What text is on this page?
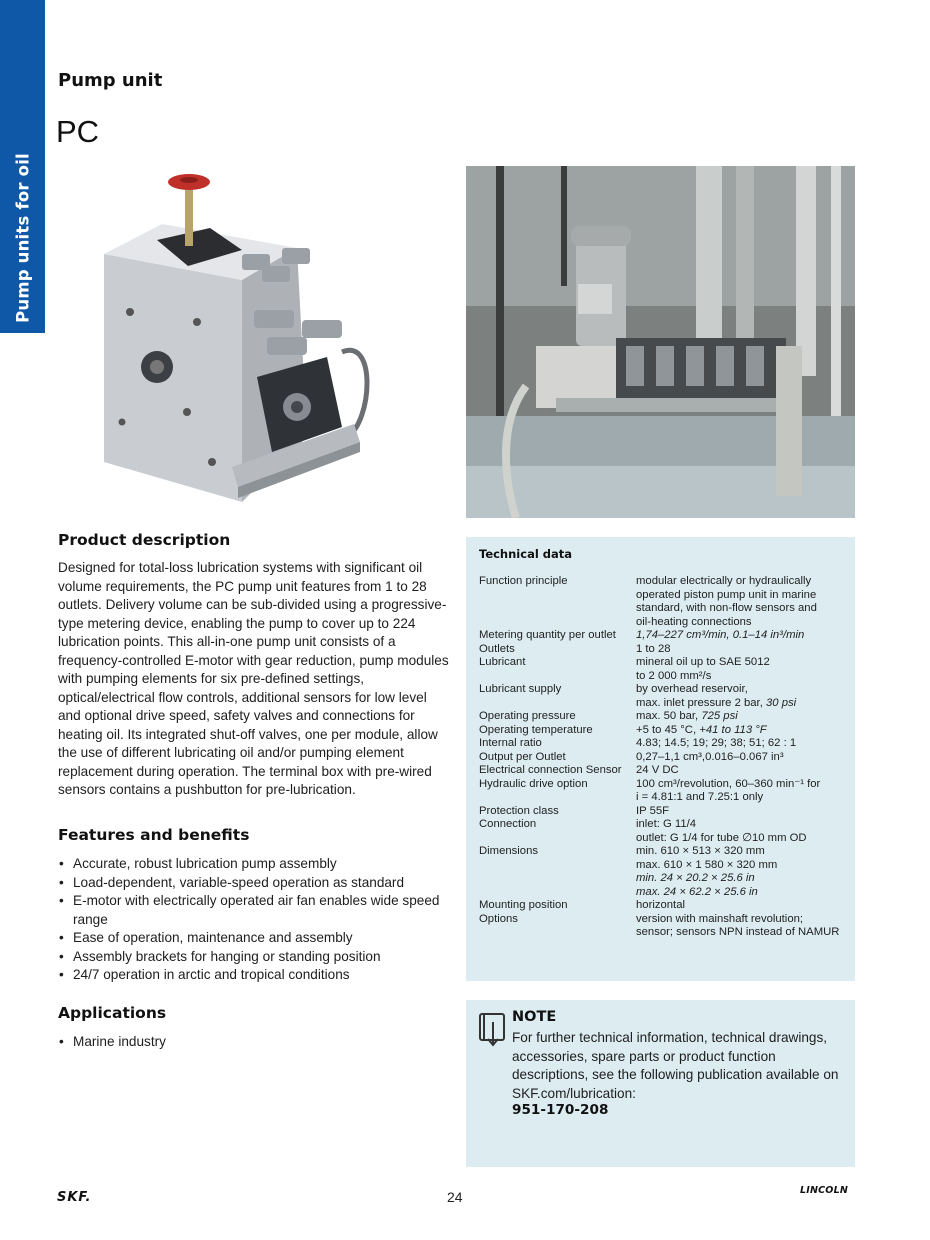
Pump units for oil
Pump unit
PC
Product description
Designed for total-loss lubrication systems with significant oil volume requirements, the PC pump unit features from 1 to 28 outlets. Delivery volume can be sub-divided using a progressive-type metering device, enabling the pump to cover up to 224 lubrication points. This all-in-one pump unit consists of a frequency-controlled E-motor with gear reduction, pump modules with pumping elements for six pre-defined settings, optical/electrical flow controls, additional sensors for low level and optional drive speed, safety valves and connections for heating oil. Its integrated shut-off valves, one per module, allow the use of different lubricating oil and/or pumping element replacement during operation. The terminal box with pre-wired sensors contains a pushbutton for pre-lubrication.
Features and benefits
• Accurate, robust lubrication pump assembly
• Load-dependent, variable-speed operation as standard
• E-motor with electrically operated air fan enables wide speed range
• Ease of operation, maintenance and assembly
• Assembly brackets for hanging or standing position
• 24/7 operation in arctic and tropical conditions
Applications
• Marine industry
Technical data
Function principle	modular electrically or hydraulically
operated piston pump unit in marine
standard, with non-flow sensors and
oil-heating connections

Metering quantity per outlet	1,74–227 cm³/min, 0.1–14 in³/min

Outlets	1 to 28

Lubricant	mineral oil up to SAE 5012
to 2 000 mm²/s

Lubricant supply	by overhead reservoir,
max. inlet pressure 2 bar, 30 psi

Operating pressure	max. 50 bar, 725 psi

Operating temperature	+5 to 45 °C, +41 to 113 °F

Internal ratio	4.83; 14.5; 19; 29; 38; 51; 62 : 1

Output per Outlet	0,27–1,1 cm³,0.016–0.067 in³

Electrical connection Sensor	24 V DC

Hydraulic drive option	100 cm³/revolution, 60–360 min⁻¹ for
i = 4.81:1 and 7.25:1 only

Protection class	IP 55F

Connection	inlet: G 11/4
outlet: G 1/4 for tube ∅10 mm OD

Dimensions	min. 610 × 513 × 320 mm
max. 610 × 1 580 × 320 mm
min. 24 × 20.2 × 25.6 in
max. 24 × 62.2 × 25.6 in

Mounting position	horizontal

Options	version with mainshaft revolution;
sensor; sensors NPN instead of NAMUR
NOTE
For further technical information, technical drawings, accessories, spare parts or product function descriptions, see the following publication available on SKF.com/lubrication:
951-170-208
SKF.	24	LINCOLN
